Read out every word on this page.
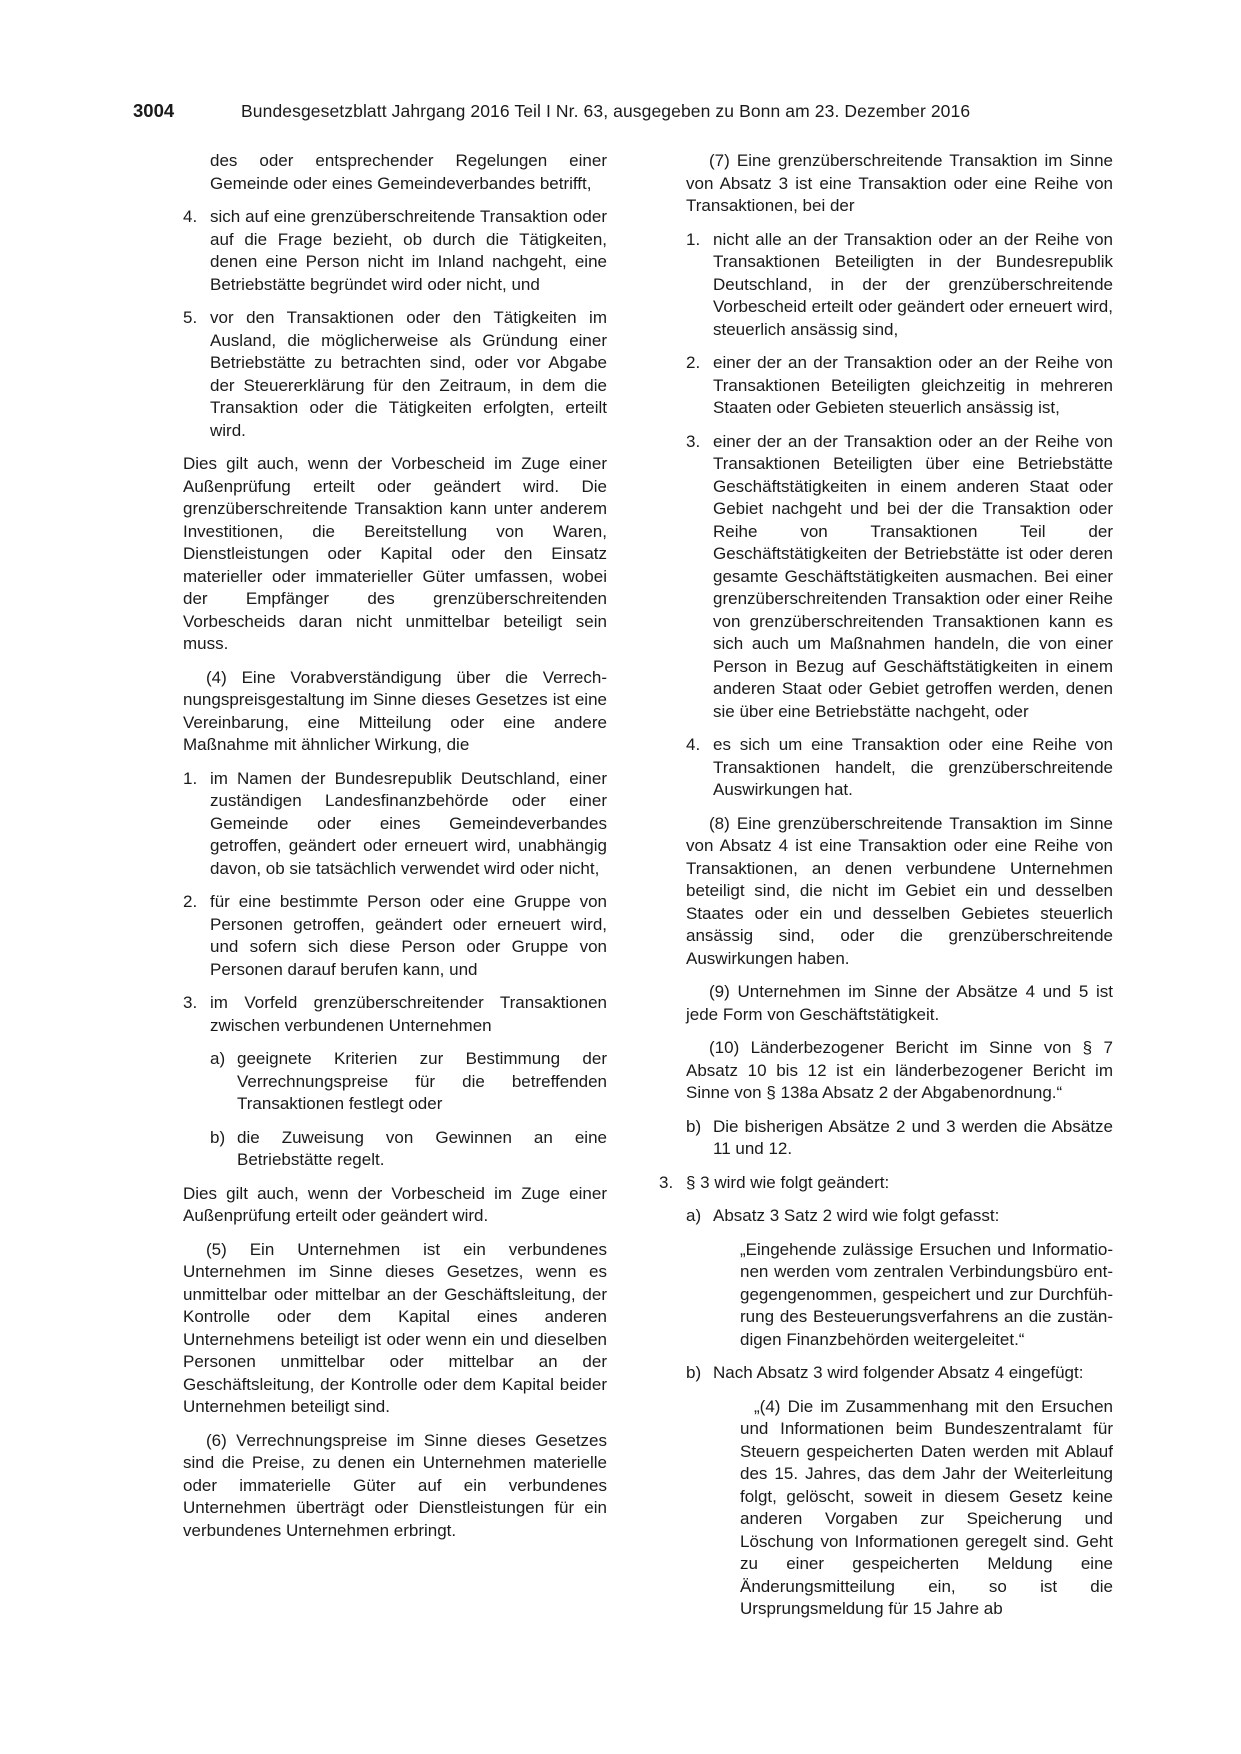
3004	Bundesgesetzblatt Jahrgang 2016 Teil I Nr. 63, ausgegeben zu Bonn am 23. Dezember 2016

des oder entsprechender Regelungen einer Gemeinde oder eines Gemeindeverbandes betrifft,

4. sich auf eine grenzüberschreitende Transaktion oder auf die Frage bezieht, ob durch die Tätigkeiten, denen eine Person nicht im Inland nachgeht, eine Betriebstätte begründet wird oder nicht, und
5. vor den Transaktionen oder den Tätigkeiten im Ausland, die möglicherweise als Gründung einer Betriebstätte zu betrachten sind, oder vor Abgabe der Steuererklärung für den Zeitraum, in dem die Transaktion oder die Tätigkeiten erfolgten, erteilt wird.

Dies gilt auch, wenn der Vorbescheid im Zuge einer Außenprüfung erteilt oder geändert wird. Die grenzüberschreitende Transaktion kann unter anderem Investitionen, die Bereitstellung von Waren, Dienstleistungen oder Kapital oder den Einsatz materieller oder immaterieller Güter umfassen, wobei der Empfänger des grenzüberschreitenden Vorbescheids daran nicht unmittelbar beteiligt sein muss.

(4) Eine Vorabverständigung über die Verrechnungspreisgestaltung im Sinne dieses Gesetzes ist eine Vereinbarung, eine Mitteilung oder eine andere Maßnahme mit ähnlicher Wirkung, die

1. im Namen der Bundesrepublik Deutschland, einer zuständigen Landesfinanzbehörde oder einer Gemeinde oder eines Gemeindeverbandes getroffen, geändert oder erneuert wird, unabhängig davon, ob sie tatsächlich verwendet wird oder nicht,
2. für eine bestimmte Person oder eine Gruppe von Personen getroffen, geändert oder erneuert wird, und sofern sich diese Person oder Gruppe von Personen darauf berufen kann, und
3. im Vorfeld grenzüberschreitender Transaktionen zwischen verbundenen Unternehmen
a) geeignete Kriterien zur Bestimmung der Verrechnungspreise für die betreffenden Transaktionen festlegt oder
b) die Zuweisung von Gewinnen an eine Betriebstätte regelt.

Dies gilt auch, wenn der Vorbescheid im Zuge einer Außenprüfung erteilt oder geändert wird.

(5) Ein Unternehmen ist ein verbundenes Unternehmen im Sinne dieses Gesetzes, wenn es unmittelbar oder mittelbar an der Geschäftsleitung, der Kontrolle oder dem Kapital eines anderen Unternehmens beteiligt ist oder wenn ein und dieselben Personen unmittelbar oder mittelbar an der Geschäftsleitung, der Kontrolle oder dem Kapital beider Unternehmen beteiligt sind.

(6) Verrechnungspreise im Sinne dieses Gesetzes sind die Preise, zu denen ein Unternehmen materielle oder immaterielle Güter auf ein verbundenes Unternehmen überträgt oder Dienstleistungen für ein verbundenes Unternehmen erbringt.

(7) Eine grenzüberschreitende Transaktion im Sinne von Absatz 3 ist eine Transaktion oder eine Reihe von Transaktionen, bei der

1. nicht alle an der Transaktion oder an der Reihe von Transaktionen Beteiligten in der Bundesrepublik Deutschland, in der der grenzüberschreitende Vorbescheid erteilt oder geändert oder erneuert wird, steuerlich ansässig sind,
2. einer der an der Transaktion oder an der Reihe von Transaktionen Beteiligten gleichzeitig in mehreren Staaten oder Gebieten steuerlich ansässig ist,
3. einer der an der Transaktion oder an der Reihe von Transaktionen Beteiligten über eine Betriebstätte Geschäftstätigkeiten in einem anderen Staat oder Gebiet nachgeht und bei der die Transaktion oder Reihe von Transaktionen Teil der Geschäftstätigkeiten der Betriebstätte ist oder deren gesamte Geschäftstätigkeiten ausmachen. Bei einer grenzüberschreitenden Transaktion oder einer Reihe von grenzüberschreitenden Transaktionen kann es sich auch um Maßnahmen handeln, die von einer Person in Bezug auf Geschäftstätigkeiten in einem anderen Staat oder Gebiet getroffen werden, denen sie über eine Betriebstätte nachgeht, oder
4. es sich um eine Transaktion oder eine Reihe von Transaktionen handelt, die grenzüberschreitende Auswirkungen hat.

(8) Eine grenzüberschreitende Transaktion im Sinne von Absatz 4 ist eine Transaktion oder eine Reihe von Transaktionen, an denen verbundene Unternehmen beteiligt sind, die nicht im Gebiet ein und desselben Staates oder ein und desselben Gebietes steuerlich ansässig sind, oder die grenzüberschreitende Auswirkungen haben.

(9) Unternehmen im Sinne der Absätze 4 und 5 ist jede Form von Geschäftstätigkeit.

(10) Länderbezogener Bericht im Sinne von § 7 Absatz 10 bis 12 ist ein länderbezogener Bericht im Sinne von § 138a Absatz 2 der Abgabenordnung.“

b) Die bisherigen Absätze 2 und 3 werden die Absätze 11 und 12.
3. § 3 wird wie folgt geändert:
a) Absatz 3 Satz 2 wird wie folgt gefasst:

„Eingehende zulässige Ersuchen und Informationen werden vom zentralen Verbindungsbüro entgegengenommen, gespeichert und zur Durchführung des Besteuerungsverfahrens an die zuständigen Finanzbehörden weitergeleitet.“

b) Nach Absatz 3 wird folgender Absatz 4 eingefügt:

„(4) Die im Zusammenhang mit den Ersuchen und Informationen beim Bundeszentralamt für Steuern gespeicherten Daten werden mit Ablauf des 15. Jahres, das dem Jahr der Weiterleitung folgt, gelöscht, soweit in diesem Gesetz keine anderen Vorgaben zur Speicherung und Löschung von Informationen geregelt sind. Geht zu einer gespeicherten Meldung eine Änderungsmitteilung ein, so ist die Ursprungsmeldung für 15 Jahre ab
